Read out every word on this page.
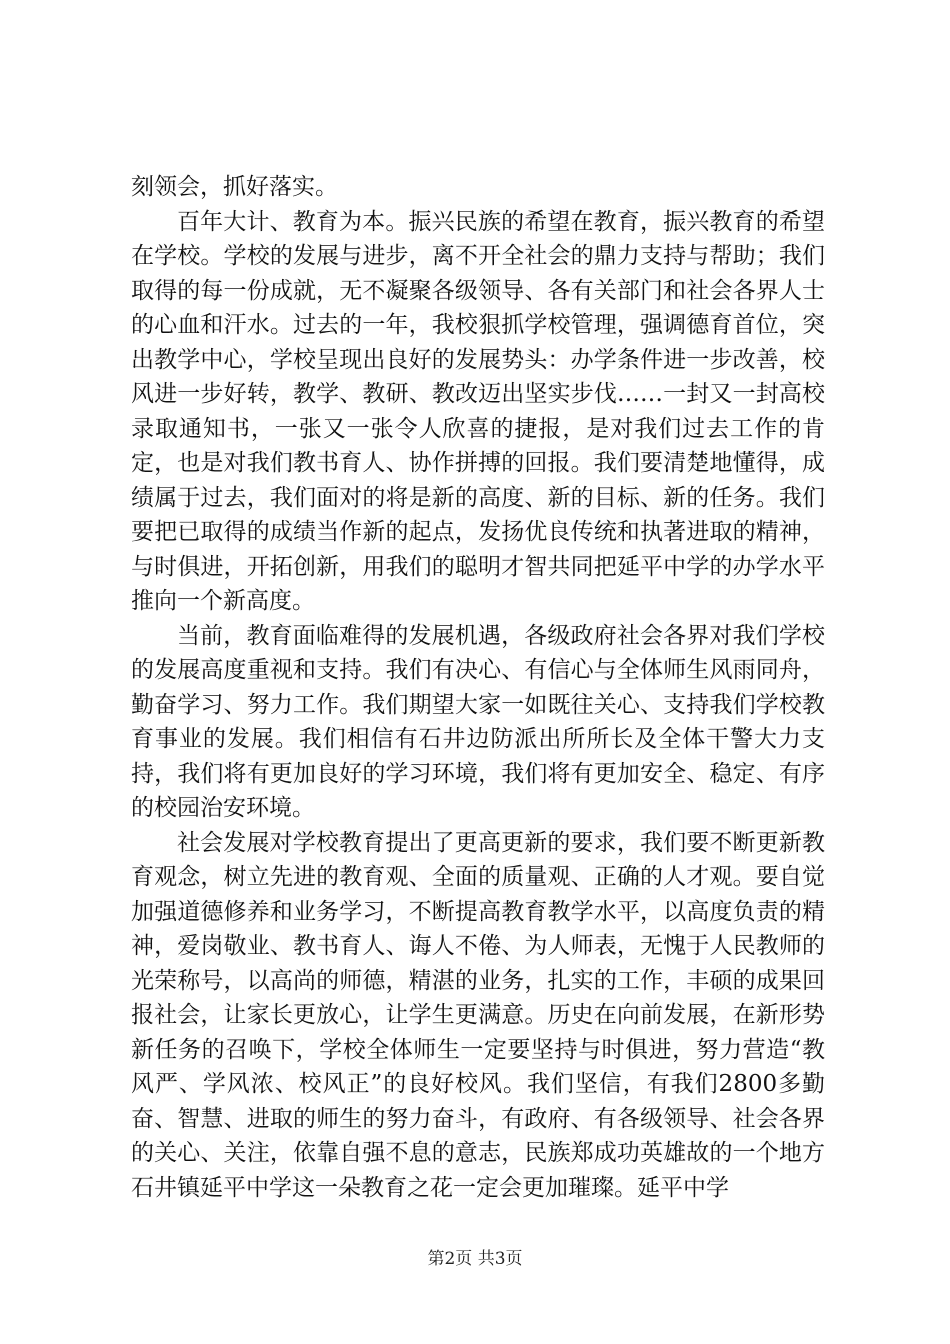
刻领会，抓好落实。

百年大计、教育为本。振兴民族的希望在教育，振兴教育的希望在学校。学校的发展与进步，离不开全社会的鼎力支持与帮助；我们取得的每一份成就，无不凝聚各级领导、各有关部门和社会各界人士的心血和汗水。过去的一年，我校狠抓学校管理，强调德育首位，突出教学中心，学校呈现出良好的发展势头：办学条件进一步改善，校风进一步好转，教学、教研、教改迈出坚实步伐……一封又一封高校录取通知书，一张又一张令人欣喜的捷报，是对我们过去工作的肯定，也是对我们教书育人、协作拼搏的回报。我们要清楚地懂得，成绩属于过去，我们面对的将是新的高度、新的目标、新的任务。我们要把已取得的成绩当作新的起点，发扬优良传统和执著进取的精神，与时俱进，开拓创新，用我们的聪明才智共同把延平中学的办学水平推向一个新高度。

当前，教育面临难得的发展机遇，各级政府社会各界对我们学校的发展高度重视和支持。我们有决心、有信心与全体师生风雨同舟，勤奋学习、努力工作。我们期望大家一如既往关心、支持我们学校教育事业的发展。我们相信有石井边防派出所所长及全体干警大力支持，我们将有更加良好的学习环境，我们将有更加安全、稳定、有序的校园治安环境。

社会发展对学校教育提出了更高更新的要求，我们要不断更新教育观念，树立先进的教育观、全面的质量观、正确的人才观。要自觉加强道德修养和业务学习，不断提高教育教学水平，以高度负责的精神，爱岗敬业、教书育人、诲人不倦、为人师表，无愧于人民教师的光荣称号，以高尚的师德，精湛的业务，扎实的工作，丰硕的成果回报社会，让家长更放心，让学生更满意。历史在向前发展，在新形势新任务的召唤下，学校全体师生一定要坚持与时俱进，努力营造“教风严、学风浓、校风正”的良好校风。我们坚信，有我们2800多勤奋、智慧、进取的师生的努力奋斗，有政府、有各级领导、社会各界的关心、关注，依靠自强不息的意志，民族郑成功英雄故的一个地方石井镇延平中学这一朵教育之花一定会更加璀璨。延平中学

第2页 共3页
